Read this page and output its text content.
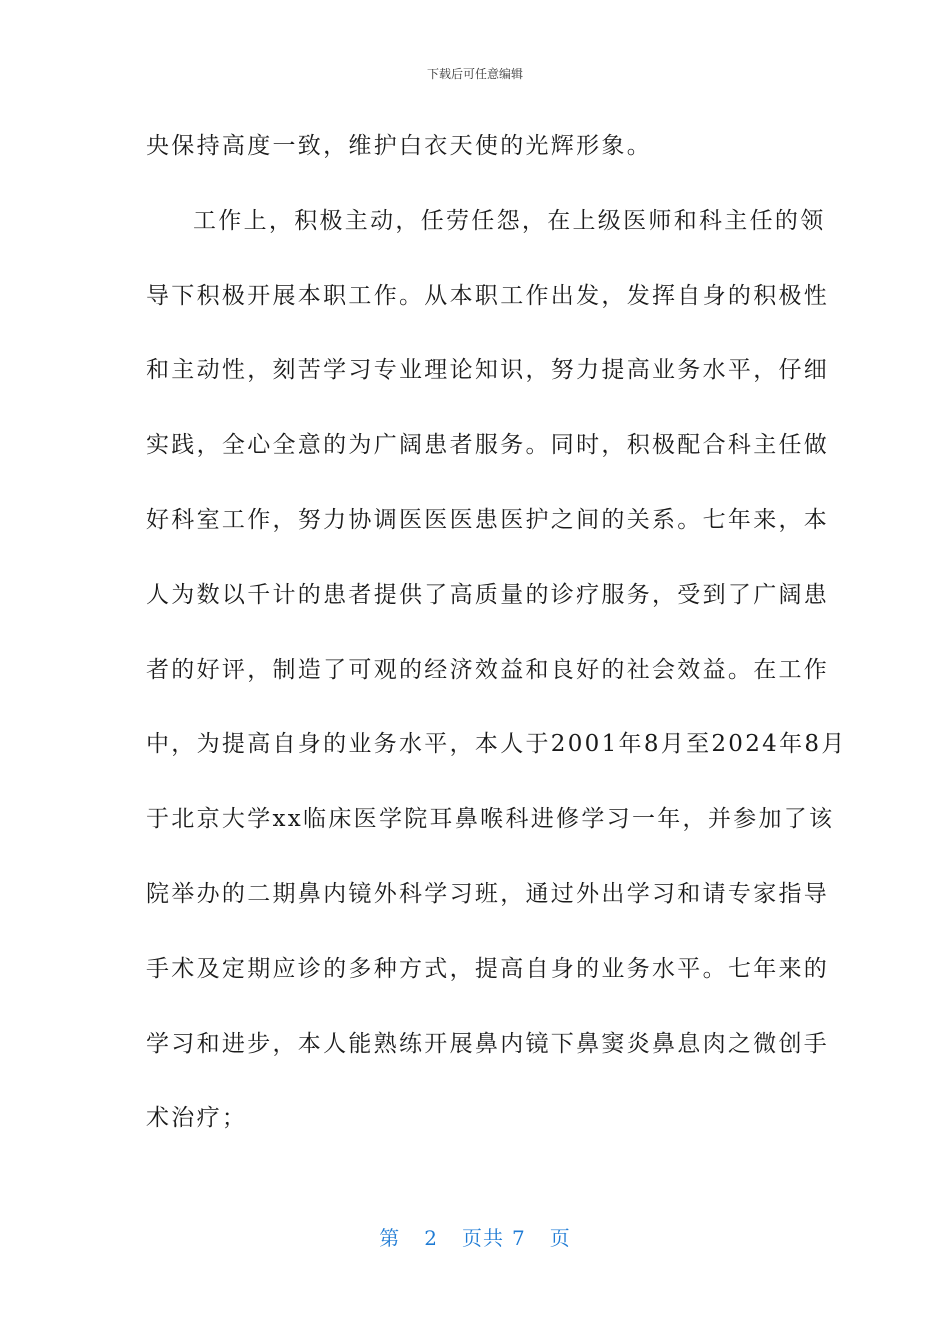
下载后可任意编辑
央保持高度一致，维护白衣天使的光辉形象。
工作上，积极主动，任劳任怨，在上级医师和科主任的领
导下积极开展本职工作。从本职工作出发，发挥自身的积极性
和主动性，刻苦学习专业理论知识，努力提高业务水平，仔细
实践，全心全意的为广阔患者服务。同时，积极配合科主任做
好科室工作，努力协调医医医患医护之间的关系。七年来，本
人为数以千计的患者提供了高质量的诊疗服务，受到了广阔患
者的好评，制造了可观的经济效益和良好的社会效益。在工作
中，为提高自身的业务水平，本人于2001年8月至2024年8月
于北京大学xx临床医学院耳鼻喉科进修学习一年，并参加了该
院举办的二期鼻内镜外科学习班，通过外出学习和请专家指导
手术及定期应诊的多种方式，提高自身的业务水平。七年来的
学习和进步，本人能熟练开展鼻内镜下鼻窦炎鼻息肉之微创手
术治疗；
第 2 页共 7 页
